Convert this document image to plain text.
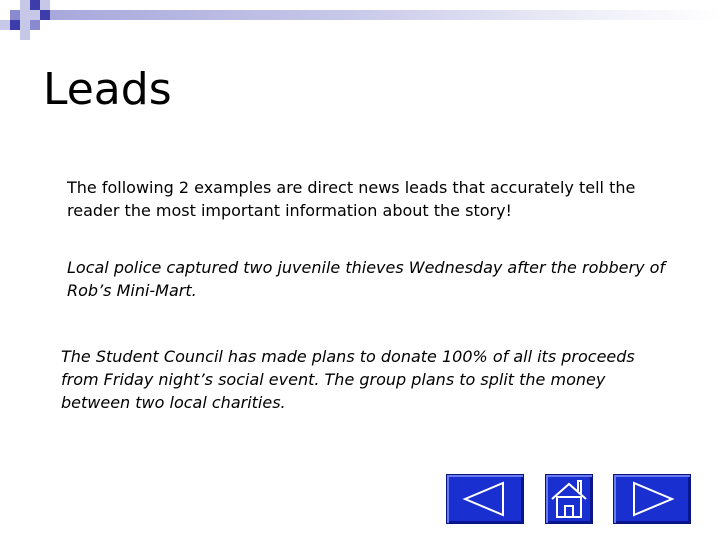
Leads

The following 2 examples are direct news leads that accurately tell the reader the most important information about the story!

Local police captured two juvenile thieves Wednesday after the robbery of Rob’s Mini-Mart.

The Student Council has made plans to donate 100% of all its proceeds from Friday night’s social event. The group plans to split the money between two local charities.
